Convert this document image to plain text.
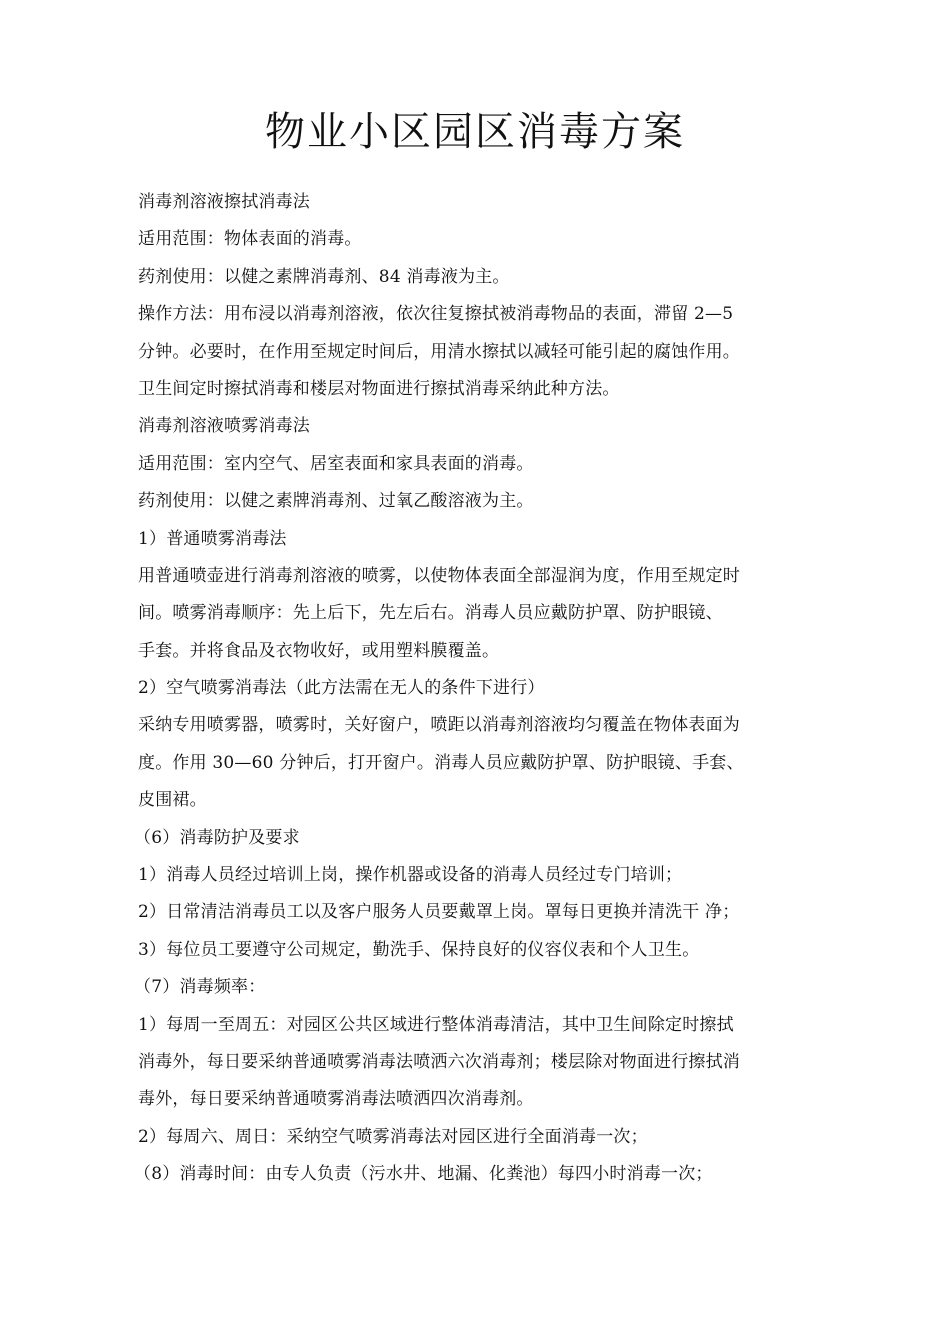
物业小区园区消毒方案
消毒剂溶液擦拭消毒法
适用范围：物体表面的消毒。
药剂使用：以健之素牌消毒剂、84 消毒液为主。
操作方法：用布浸以消毒剂溶液，依次往复擦拭被消毒物品的表面，滞留 2—5
分钟。必要时，在作用至规定时间后，用清水擦拭以减轻可能引起的腐蚀作用。
卫生间定时擦拭消毒和楼层对物面进行擦拭消毒采纳此种方法。
消毒剂溶液喷雾消毒法
适用范围：室内空气、居室表面和家具表面的消毒。
药剂使用：以健之素牌消毒剂、过氧乙酸溶液为主。
1）普通喷雾消毒法
用普通喷壶进行消毒剂溶液的喷雾，以使物体表面全部湿润为度，作用至规定时
间。喷雾消毒顺序：先上后下，先左后右。消毒人员应戴防护罩、防护眼镜、
手套。并将食品及衣物收好，或用塑料膜覆盖。
2）空气喷雾消毒法（此方法需在无人的条件下进行）
采纳专用喷雾器，喷雾时，关好窗户，喷距以消毒剂溶液均匀覆盖在物体表面为
度。作用 30—60 分钟后，打开窗户。消毒人员应戴防护罩、防护眼镜、手套、
皮围裙。
（6）消毒防护及要求
1）消毒人员经过培训上岗，操作机器或设备的消毒人员经过专门培训；
2）日常清洁消毒员工以及客户服务人员要戴罩上岗。罩每日更换并清洗干 净；
3）每位员工要遵守公司规定，勤洗手、保持良好的仪容仪表和个人卫生。
（7）消毒频率：
1）每周一至周五：对园区公共区域进行整体消毒清洁，其中卫生间除定时擦拭
消毒外，每日要采纳普通喷雾消毒法喷洒六次消毒剂；楼层除对物面进行擦拭消
毒外，每日要采纳普通喷雾消毒法喷洒四次消毒剂。
2）每周六、周日：采纳空气喷雾消毒法对园区进行全面消毒一次；
（8）消毒时间：由专人负责（污水井、地漏、化粪池）每四小时消毒一次；
